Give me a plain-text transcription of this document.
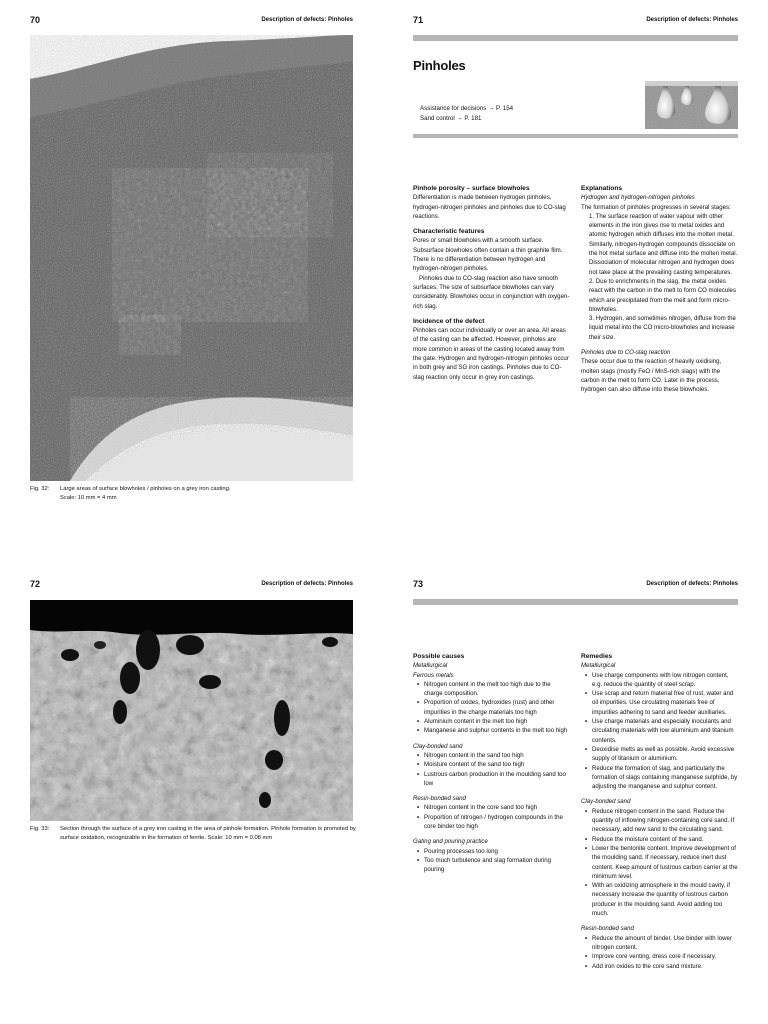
70	Description of defects: Pinholes
Fig. 32: Large areas of surface blowholes / pinholes on a grey iron casting.
Scale: 10 mm = 4 mm
71	Description of defects: Pinholes
Pinholes
Assistance for decisions → P. 154
Sand control → P. 181

Pinhole porosity – surface blowholes

Differentiation is made between hydrogen pinholes, hydrogen-nitrogen pinholes and pinholes due to CO-slag reactions.

Characteristic features

Pores or small blowholes with a smooth surface. Subsurface blowholes often contain a thin graphite film. There is no differentiation between hydrogen and hydrogen-nitrogen pinholes.

Pinholes due to CO-slag reaction also have smooth surfaces. The size of subsurface blowholes can vary considerably. Blowholes occur in conjunction with oxygen-rich slag.

Incidence of the defect

Pinholes can occur individually or over an area. All areas of the casting can be affected. However, pinholes are more common in areas of the casting located away from the gate. Hydrogen and hydrogen-nitrogen pinholes occur in both grey and SG iron castings. Pinholes due to CO-slag reaction only occur in grey iron castings.

Explanations

Hydrogen and hydrogen-nitrogen pinholes

The formation of pinholes progresses in several stages:

1. The surface reaction of water vapour with other elements in the iron gives rise to metal oxides and atomic hydrogen which diffuses into the molten metal. Similarly, nitrogen-hydrogen compounds dissociate on the hot metal surface and diffuse into the molten metal. Dissociation of molecular nitrogen and hydrogen does not take place at the prevailing casting temperatures.
2. Due to enrichments in the slag, the metal oxides react with the carbon in the melt to form CO molecules which are precipitated from the melt and form micro-blowholes.
3. Hydrogen, and sometimes nitrogen, diffuse from the liquid metal into the CO micro-blowholes and increase their size.

Pinholes due to CO-slag reaction

These occur due to the reaction of heavily oxidising, molten slags (mostly FeO / MnS-rich slags) with the carbon in the melt to form CO. Later in the process, hydrogen can also diffuse into these blowholes.

72	Description of defects: Pinholes
Fig. 33: Section through the surface of a grey iron casting in the area of pinhole formation. Pinhole formation is promoted by
surface oxidation, recognizable in the formation of ferrite. Scale: 10 mm = 0.08 mm
73	Description of defects: Pinholes

Possible causes

Metallurgical

Ferrous metals

• Nitrogen content in the melt too high due to the charge composition.
• Proportion of oxides, hydroxides (rust) and other impurities in the charge materials too high
• Aluminium content in the melt too high
• Manganese and sulphur contents in the melt too high

Clay-bonded sand

• Nitrogen content in the sand too high
• Moisture content of the sand too high
• Lustrous carbon production in the moulding sand too low

Resin-bonded sand

• Nitrogen content in the core sand too high
• Proportion of nitrogen / hydrogen compounds in the core binder too high

Gating and pouring practice

• Pouring processes too long
• Too much turbulence and slag formation during pouring

Remedies

Metallurgical

• Use charge components with low nitrogen content, e.g. reduce the quantity of steel scrap.
• Use scrap and return material free of rust, water and oil impurities. Use circulating materials free of impurities adhering to sand and feeder auxiliaries.
• Use charge materials and especially inoculants and circulating materials with low aluminium and titanium contents.
• Deoxidise melts as well as possible. Avoid excessive supply of titanium or aluminium.
• Reduce the formation of slag, and particularly the formation of slags containing manganese sulphide, by adjusting the manganese and sulphur content.

Clay-bonded sand

• Reduce nitrogen content in the sand. Reduce the quantity of inflowing nitrogen-containing core sand. If necessary, add new sand to the circulating sand.
• Reduce the moisture content of the sand.
• Lower the bentonite content. Improve development of the moulding sand. If necessary, reduce inert dust content. Keep amount of lustrous carbon carrier at the minimum level.
• With an oxidizing atmosphere in the mould cavity, if necessary increase the quantity of lustrous carbon producer in the moulding sand. Avoid adding too much.

Resin-bonded sand

• Reduce the amount of binder. Use binder with lower nitrogen content.
• Improve core venting, dress core if necessary.
• Add iron oxides to the core sand mixture.
